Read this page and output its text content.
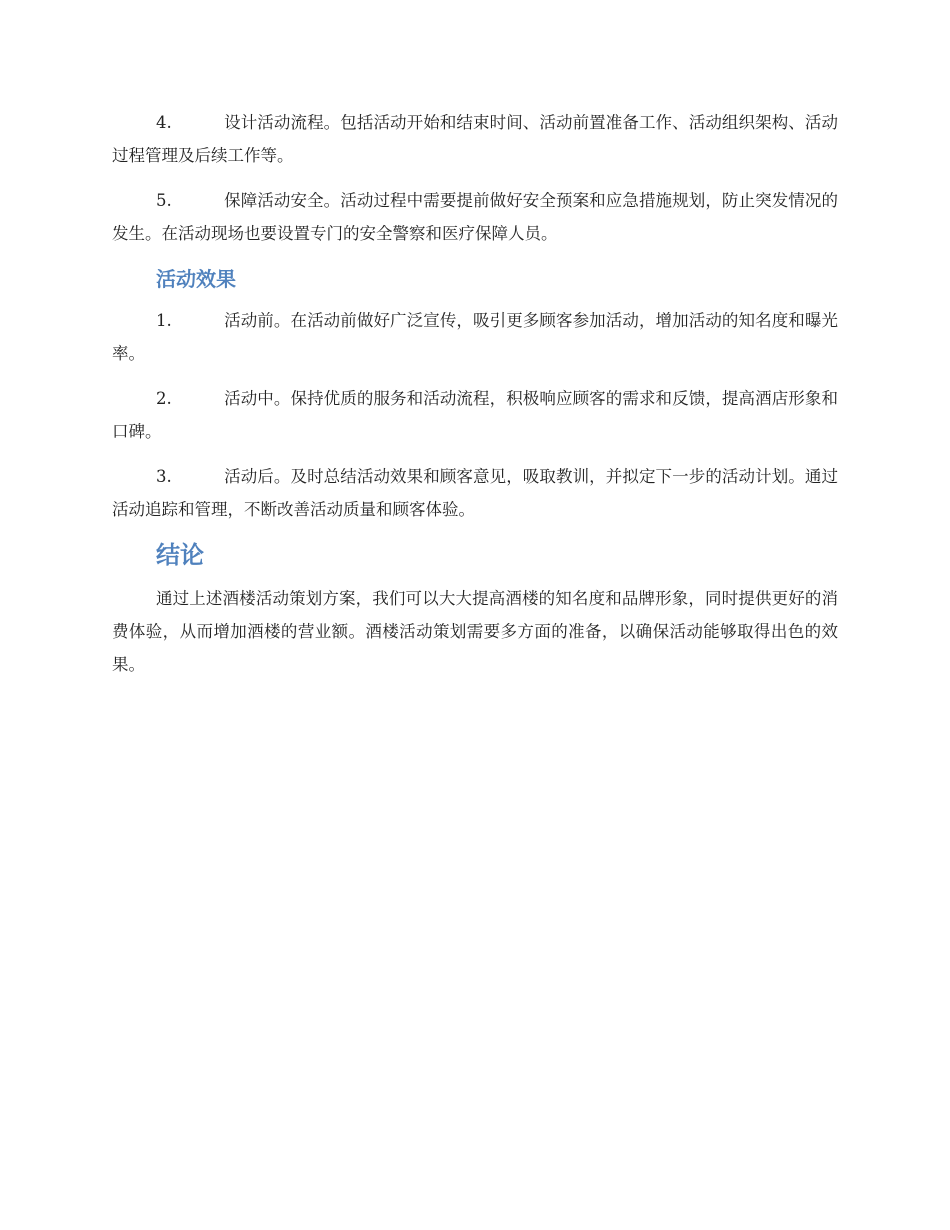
4.	设计活动流程。包括活动开始和结束时间、活动前置准备工作、活动组织架构、活动过程管理及后续工作等。

5.	保障活动安全。活动过程中需要提前做好安全预案和应急措施规划，防止突发情况的发生。在活动现场也要设置专门的安全警察和医疗保障人员。

活动效果

1.	活动前。在活动前做好广泛宣传，吸引更多顾客参加活动，增加活动的知名度和曝光率。

2.	活动中。保持优质的服务和活动流程，积极响应顾客的需求和反馈，提高酒店形象和口碑。

3.	活动后。及时总结活动效果和顾客意见，吸取教训，并拟定下一步的活动计划。通过活动追踪和管理，不断改善活动质量和顾客体验。

结论

通过上述酒楼活动策划方案，我们可以大大提高酒楼的知名度和品牌形象，同时提供更好的消费体验，从而增加酒楼的营业额。酒楼活动策划需要多方面的准备，以确保活动能够取得出色的效果。
